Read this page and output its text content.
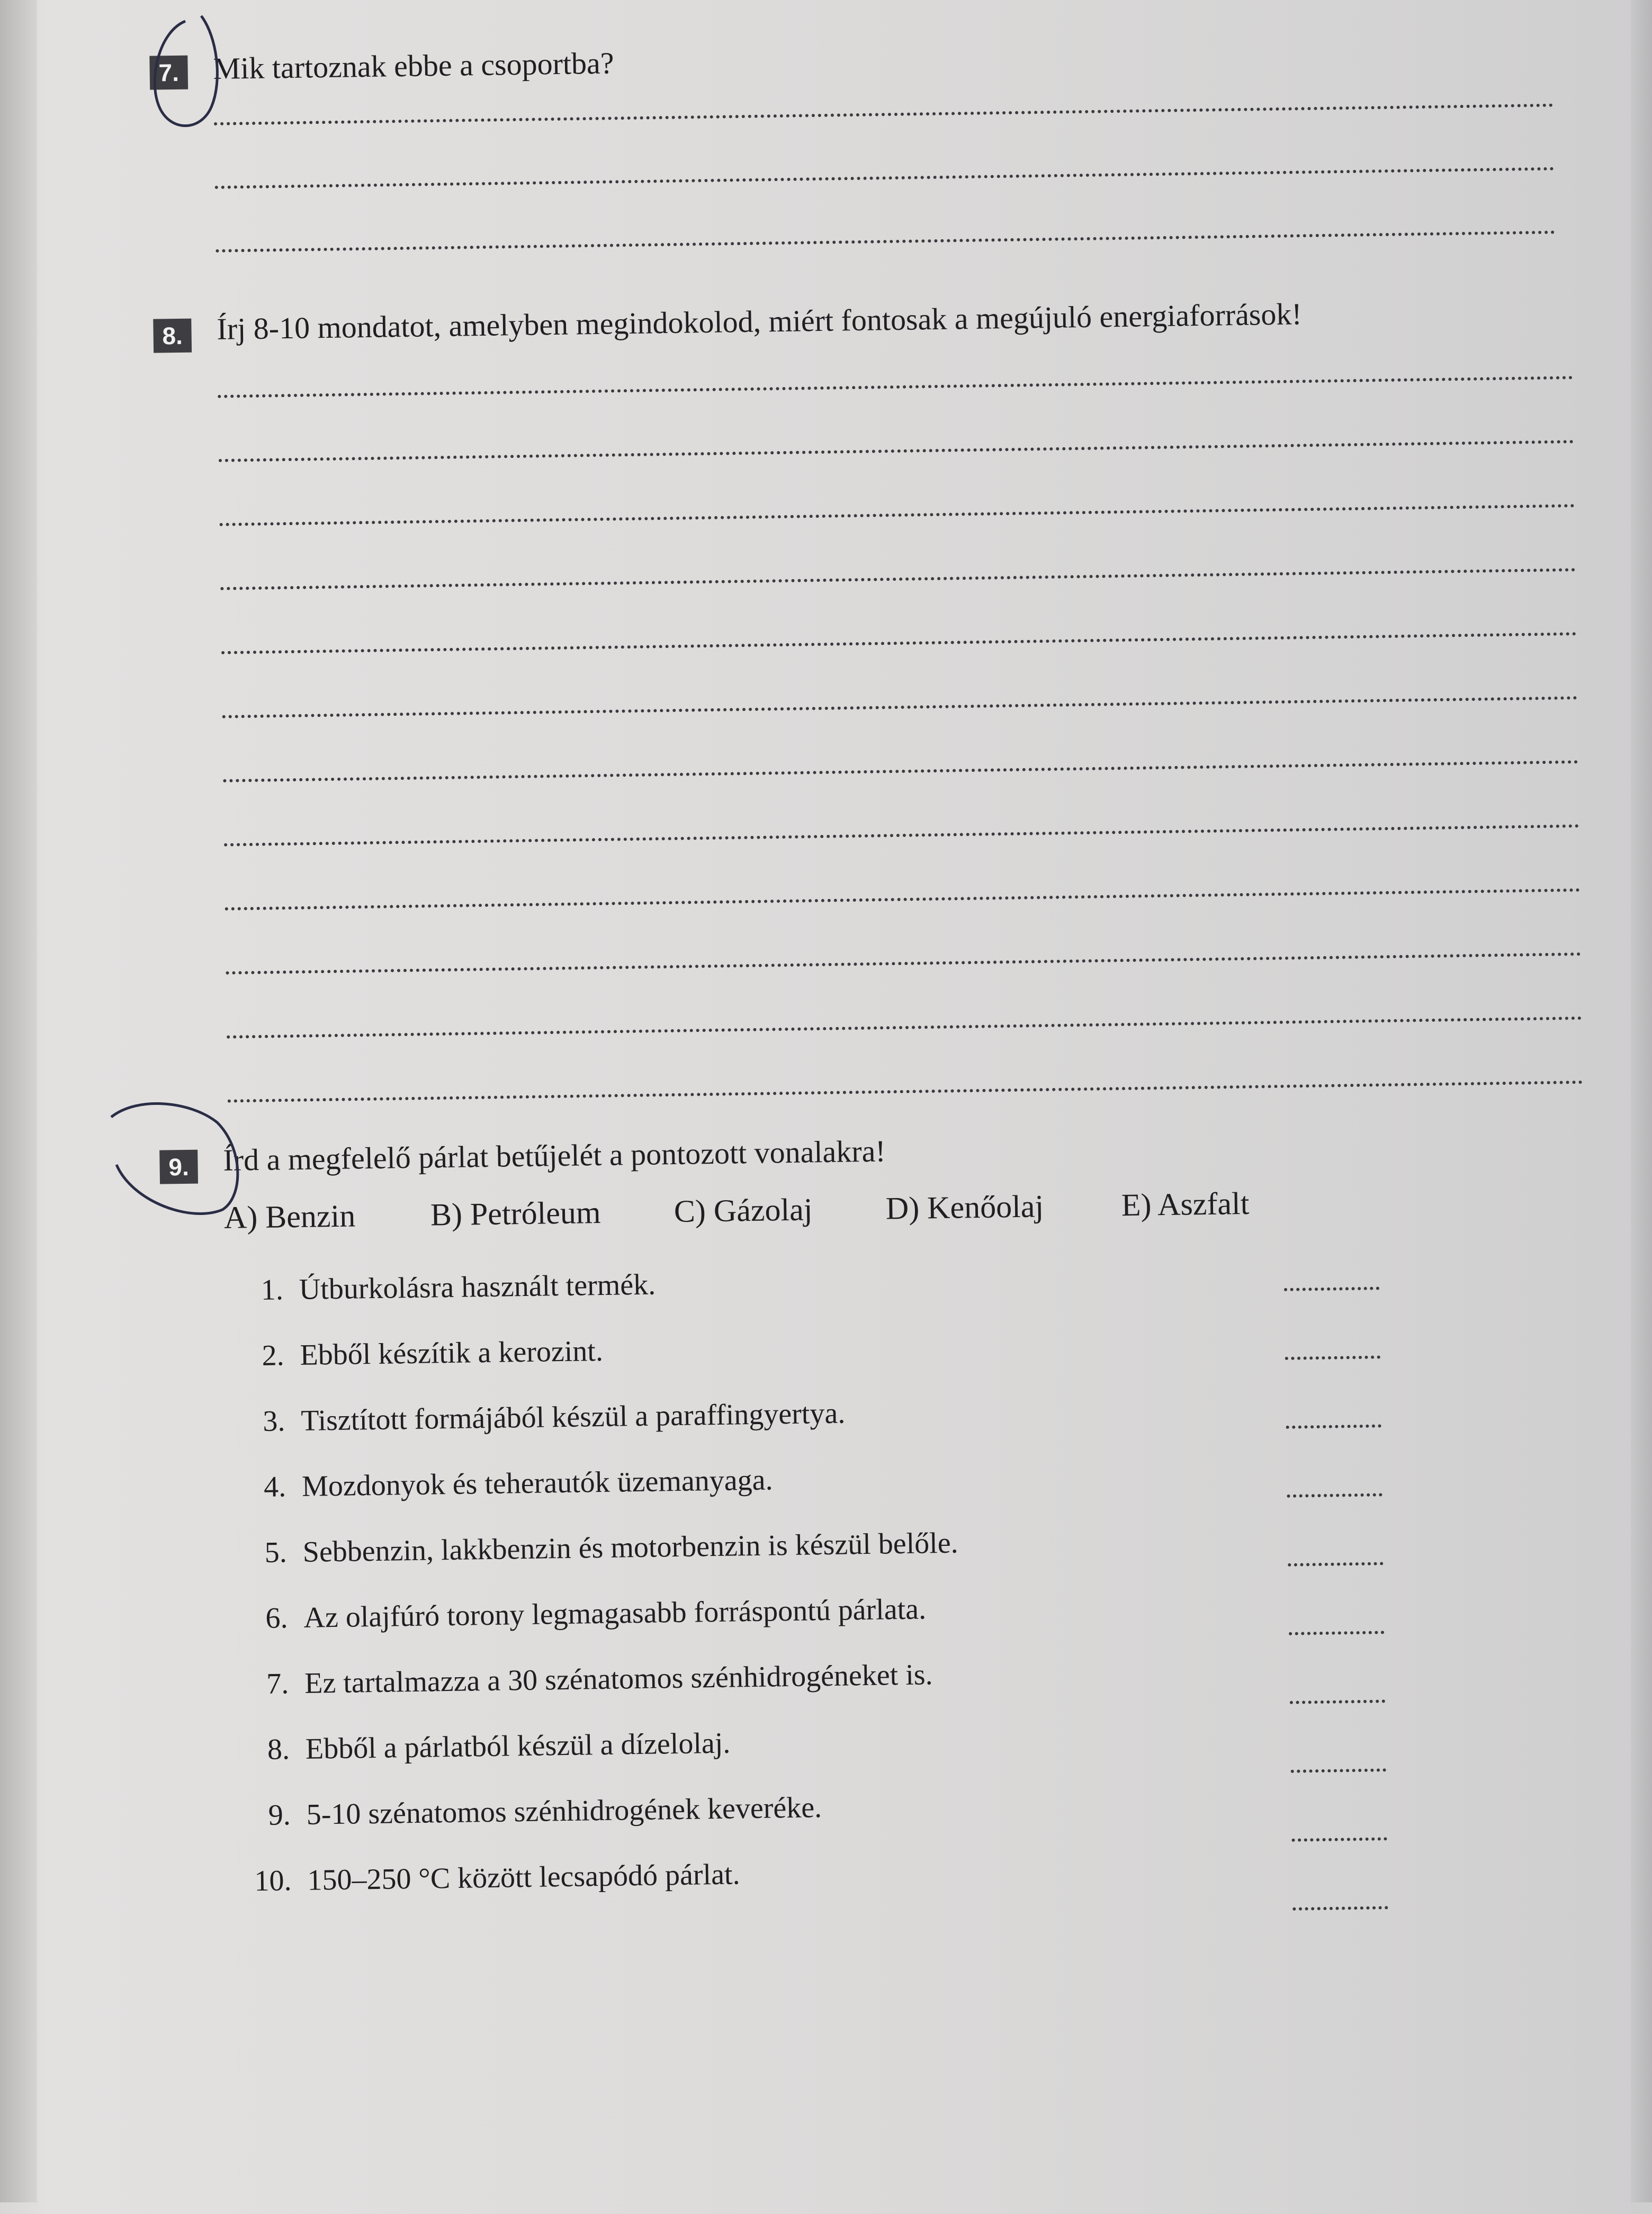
7. Mik tartoznak ebbe a csoportba?
8. Írj 8-10 mondatot, amelyben megindokolod, miért fontosak a megújuló energiaforrások!
9. Írd a megfelelő párlat betűjelét a pontozott vonalakra!
A) Benzin	B) Petróleum	C) Gázolaj	D) Kenőolaj	E) Aszfalt
1. Útburkolásra használt termék.
2. Ebből készítik a kerozint.
3. Tisztított formájából készül a paraffingyertya.
4. Mozdonyok és teherautók üzemanyaga.
5. Sebbenzin, lakkbenzin és motorbenzin is készül belőle.
6. Az olajfúró torony legmagasabb forráspontú párlata.
7. Ez tartalmazza a 30 szénatomos szénhidrogéneket is.
8. Ebből a párlatból készül a dízelolaj.
9. 5-10 szénatomos szénhidrogének keveréke.
10. 150–250 °C között lecsapódó párlat.
